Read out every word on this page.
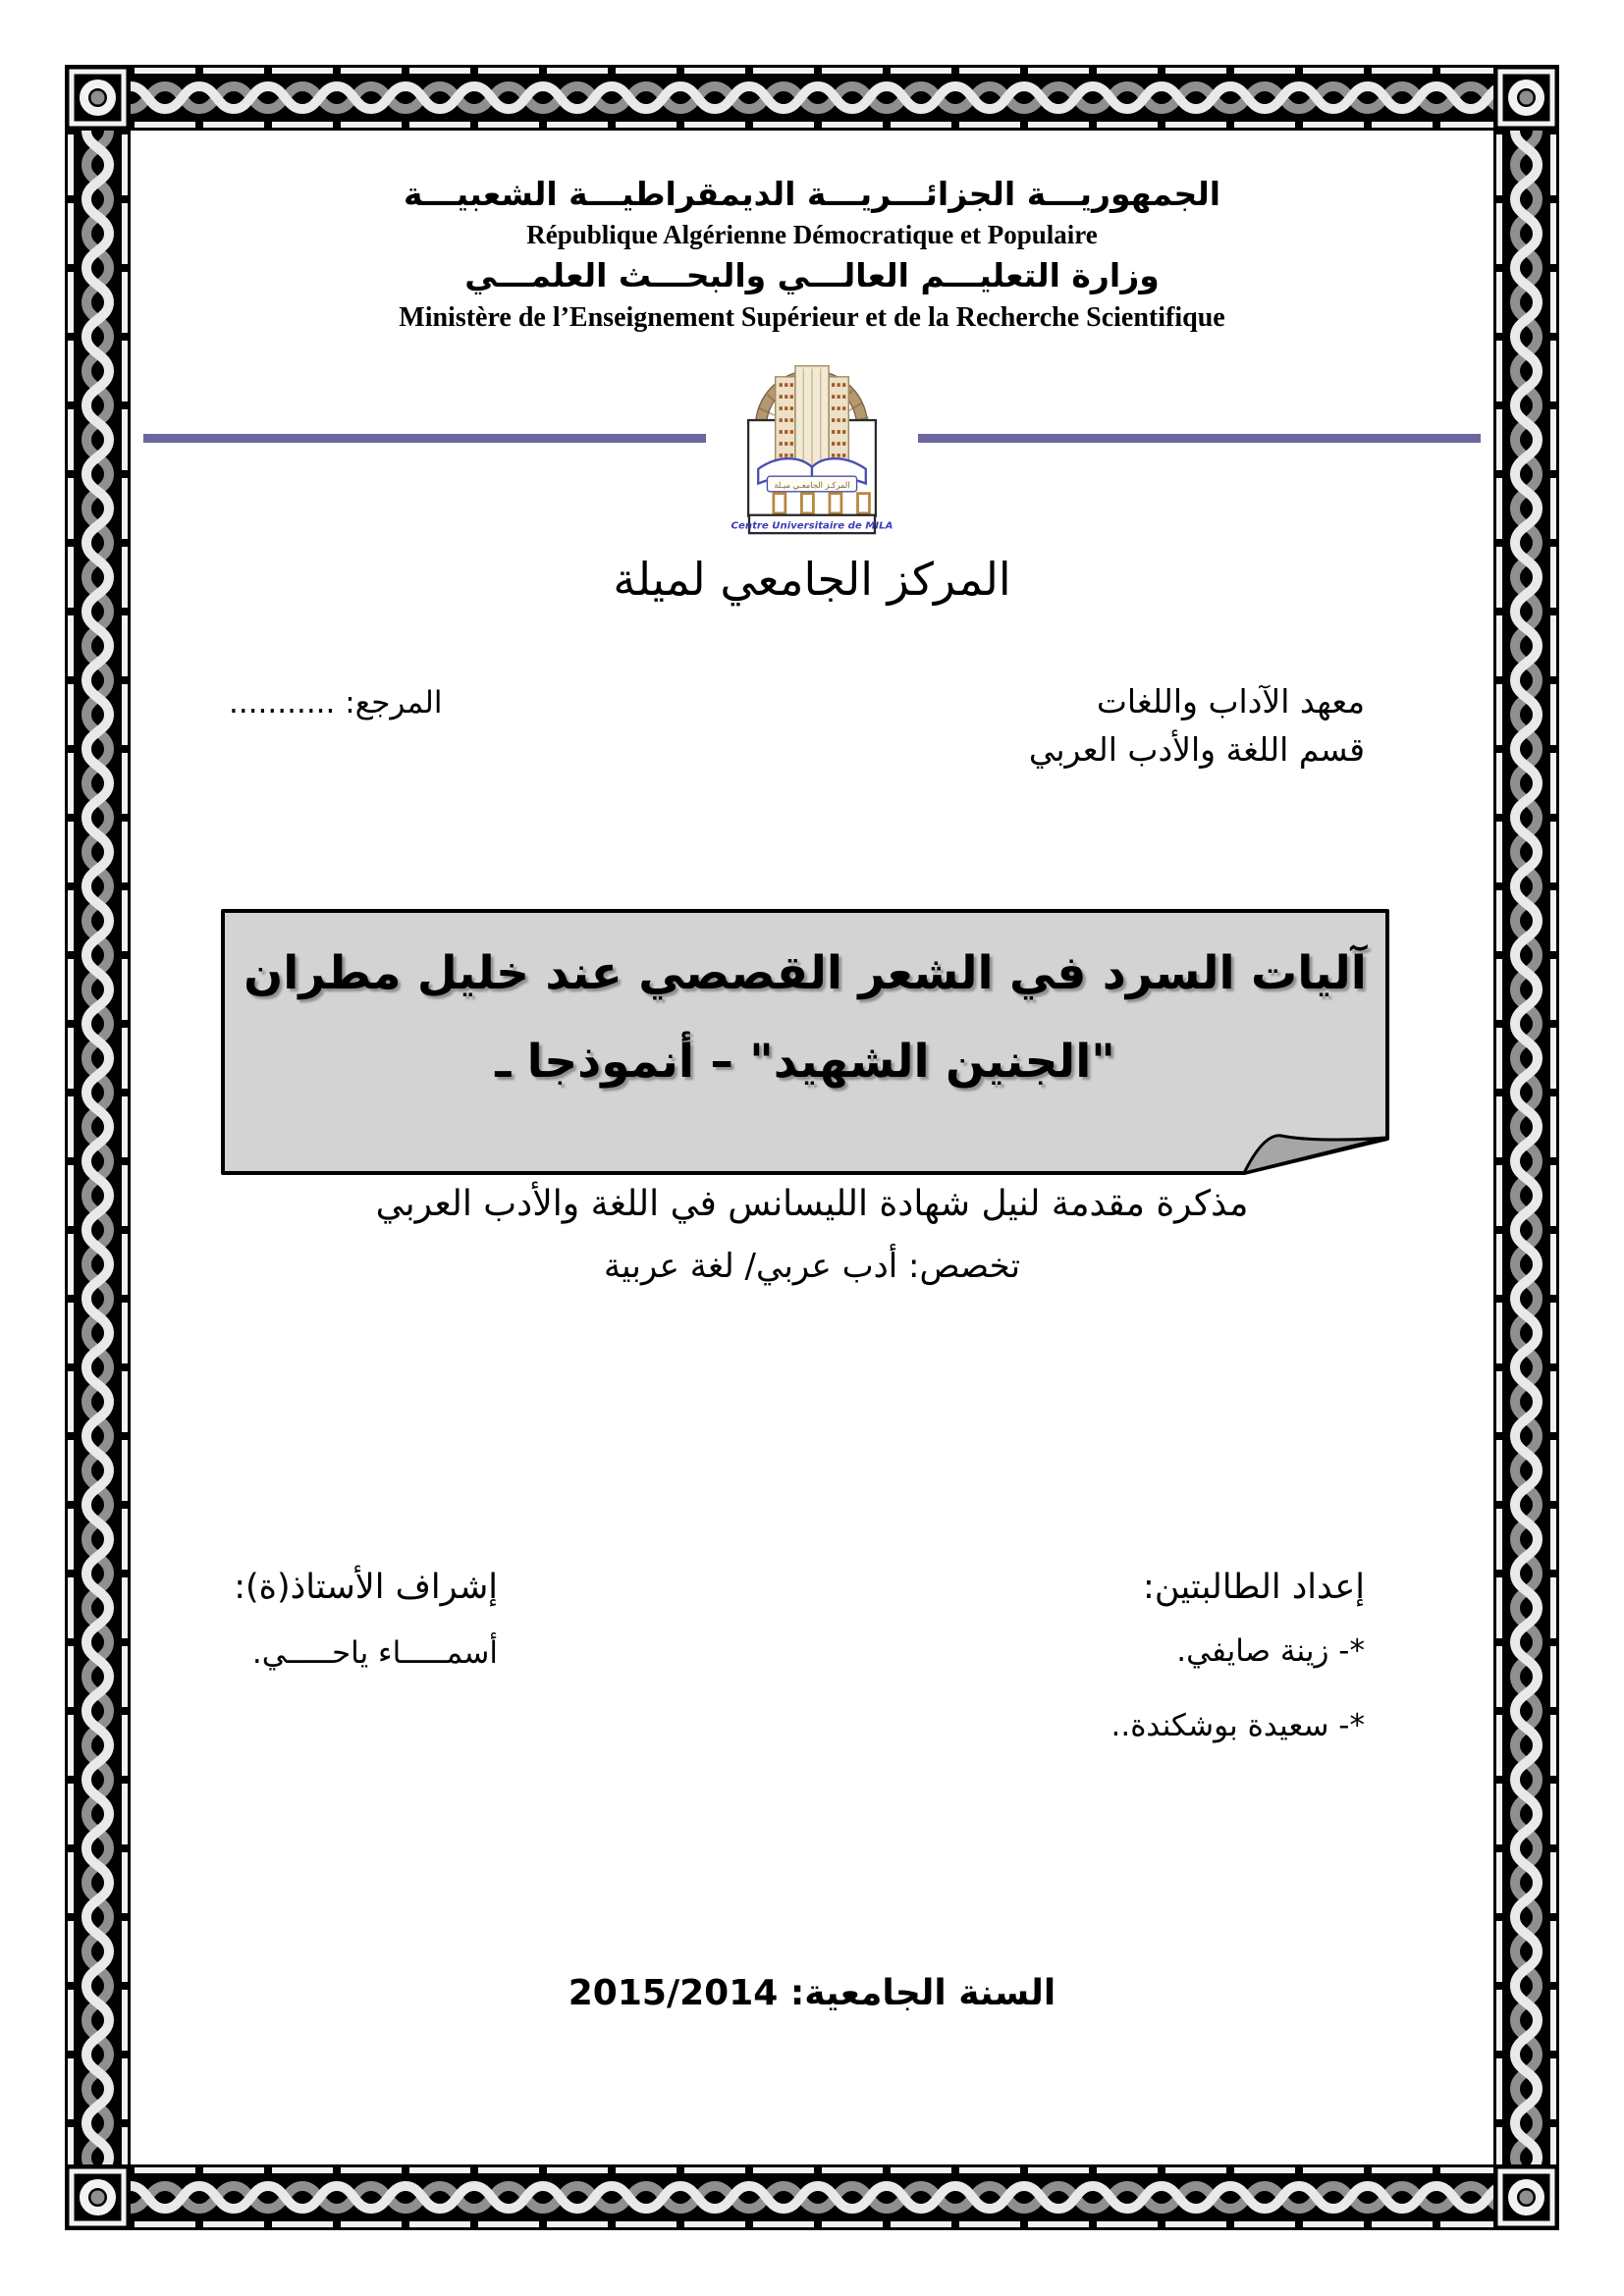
الجمهوريـــة الجزائـــريـــة الديمقراطيـــة الشعبيـــة
République Algérienne Démocratique et Populaire
وزارة التعليـــم العالـــي والبحـــث العلمـــي
Ministère de l’Enseignement Supérieur et de la Recherche Scientifique
المركـز الجامعـي ميـلة
Centre Universitaire de MILA
المركز الجامعي لميلة
معهد الآداب واللغات
قسم اللغة والأدب العربي
المرجع: ...........
آليات السرد في الشعر القصصي عند خليل مطران
"الجنين الشهيد" – أنموذجا ـ
مذكرة مقدمة لنيل شهادة الليسانس في اللغة والأدب العربي
تخصص: أدب عربي/ لغة عربية
إعداد الطالبتين:
*- زينة صايفي.
*- سعيدة بوشكندة..
إشراف الأستاذ(ة):
أسمـــــاء ياحـــــي.
السنة الجامعية: 2015/2014
